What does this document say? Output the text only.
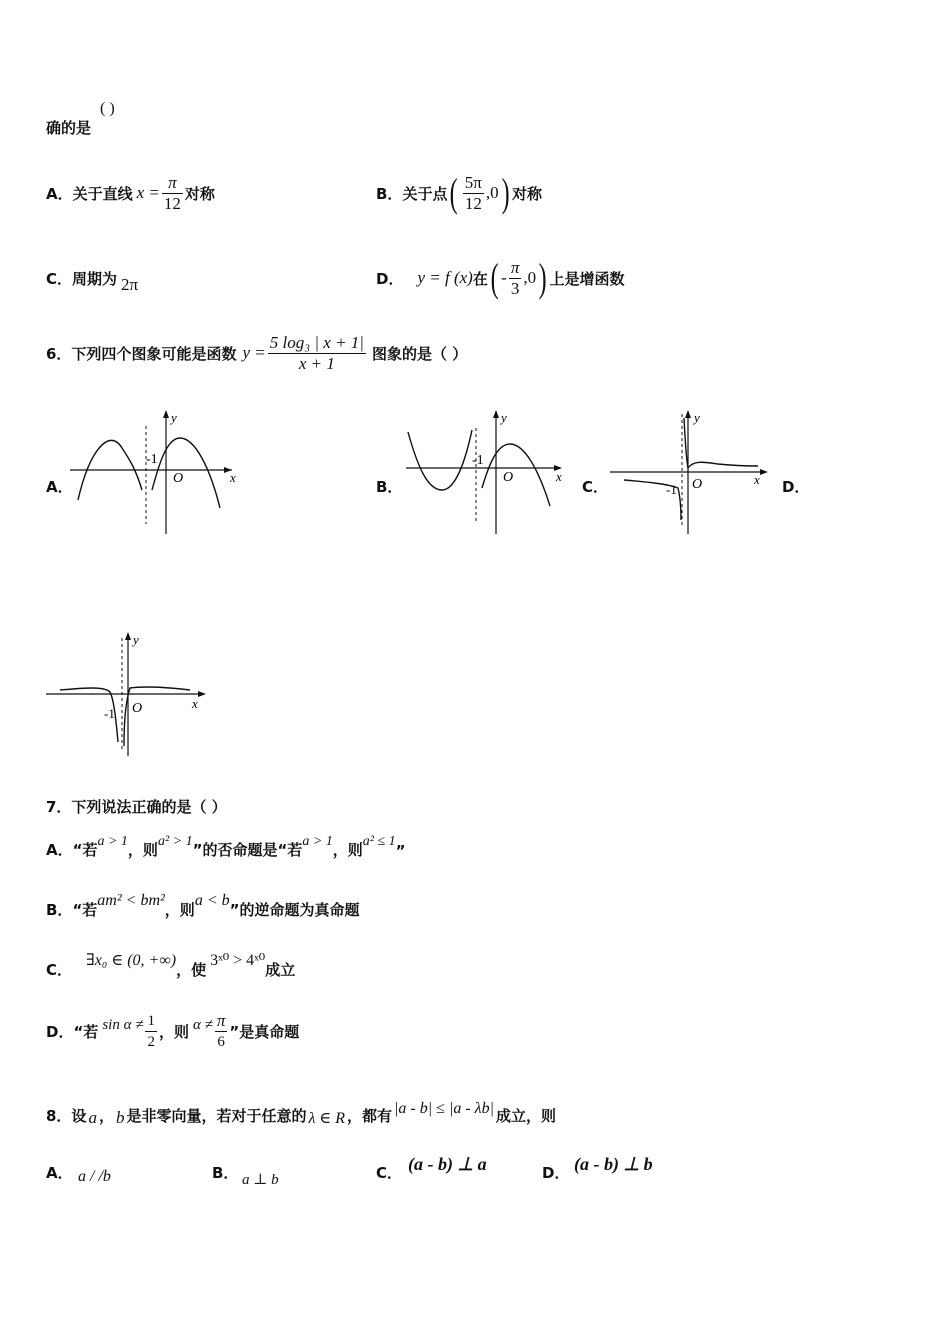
确的是
( )
A． 关于直线 $x = \frac{\pi}{12}$ 对称	B． 关于点 ( $\frac{5\pi}{12} ,0$ ) 对称
C． 周期为 2π	D． y = f (x) 在 ( - $\frac{\pi}{3} ,0$ ) 上是增函数
6．下列四个图象可能是函数 $y = \frac{\text{5 log₃ | x + 1|}}{x + 1}$ 图象的是（ ）
A．	B．	C．	D．
y
x
O
-1
y
x
O
-1
y
x
O
-1
y
x
O
-1
7．下列说法正确的是（ ）
A． “若 a > 1 ，则 a² > 1 ”的否命题是“若 a > 1 ，则 a² ≤ 1
”
B． “若
am² < bm²
，则
a < b
”的逆命题为真命题
C．
∃x₀ ∈ (0, +∞)
，使
3ˣ⁰ > 4ˣ⁰
成立
D． “若 $\sin \alpha \ne \frac{1}{2}$ ，则 $\alpha \ne \frac{\pi}{6}$ ”是真命题
8．设 a ， b 是非零向量，若对于任意的 λ ∈ R ，都有 |a - b| ≤ |a - λb| 成立，则
A． a / /b	B． a ⊥ b	C． (a - b) ⊥ a	D． (a - b) ⊥ b
